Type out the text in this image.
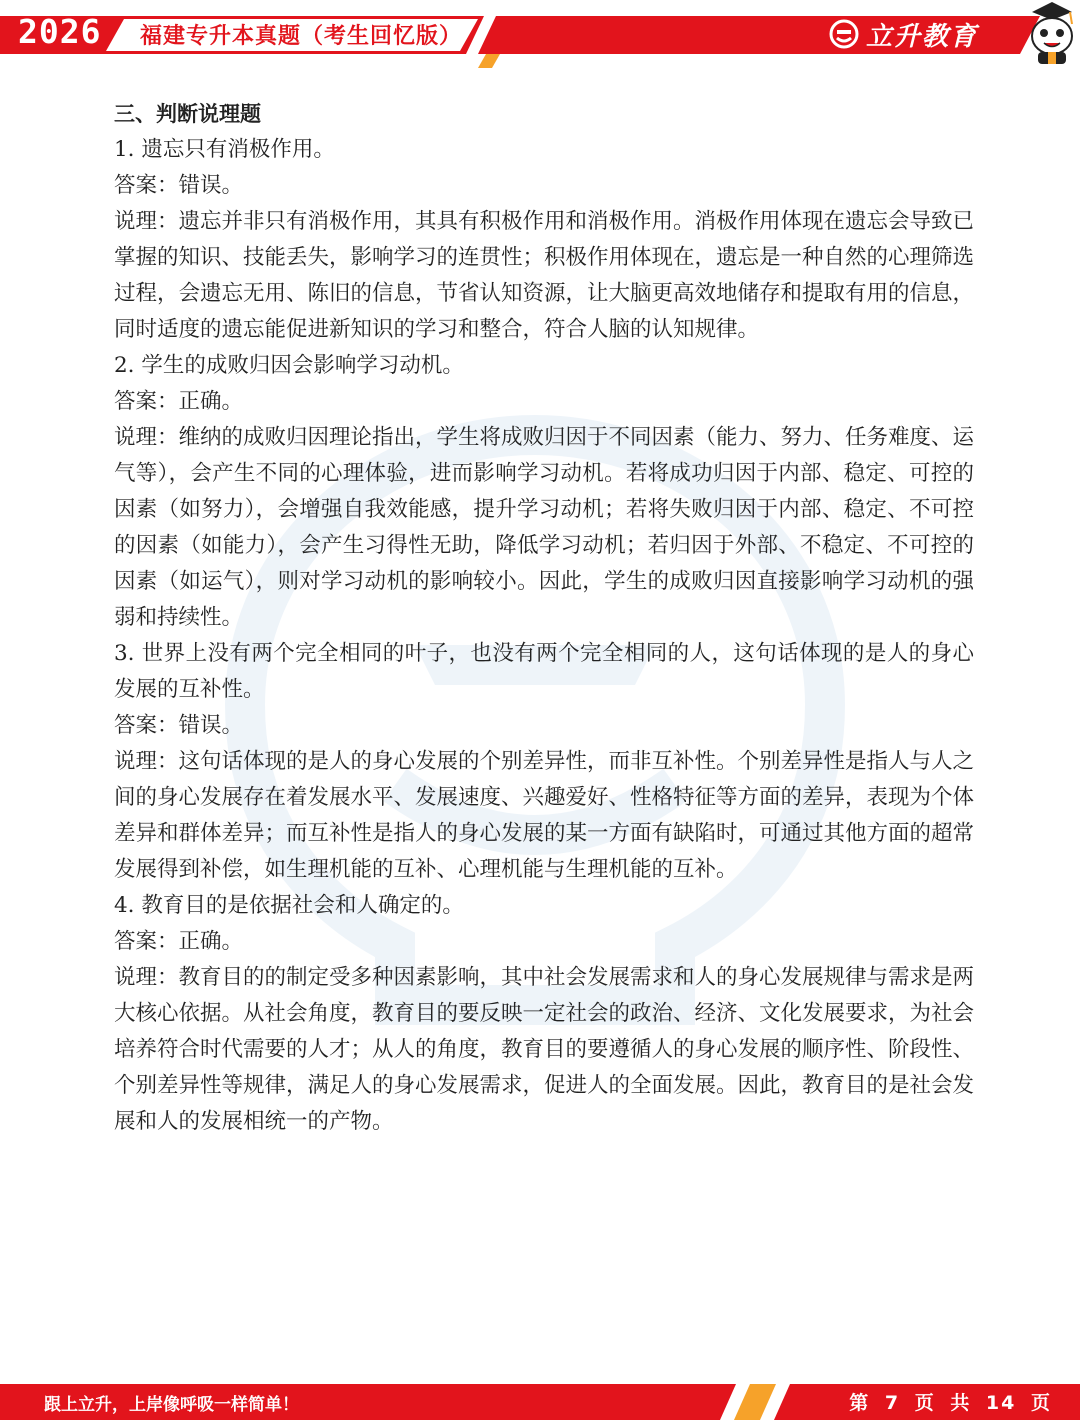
2026 福建专升本真题（考生回忆版）	立升教育

三、判断说理题

1. 遗忘只有消极作用。

答案：错误。

说理：遗忘并非只有消极作用，其具有积极作用和消极作用。消极作用体现在遗忘会导致已掌握的知识、技能丢失，影响学习的连贯性；积极作用体现在，遗忘是一种自然的心理筛选过程，会遗忘无用、陈旧的信息，节省认知资源，让大脑更高效地储存和提取有用的信息，同时适度的遗忘能促进新知识的学习和整合，符合人脑的认知规律。

2. 学生的成败归因会影响学习动机。

答案：正确。

说理：维纳的成败归因理论指出，学生将成败归因于不同因素（能力、努力、任务难度、运气等），会产生不同的心理体验，进而影响学习动机。若将成功归因于内部、稳定、可控的因素（如努力），会增强自我效能感，提升学习动机；若将失败归因于内部、稳定、不可控的因素（如能力），会产生习得性无助，降低学习动机；若归因于外部、不稳定、不可控的因素（如运气），则对学习动机的影响较小。因此，学生的成败归因直接影响学习动机的强弱和持续性。

3. 世界上没有两个完全相同的叶子，也没有两个完全相同的人，这句话体现的是人的身心发展的互补性。

答案：错误。

说理：这句话体现的是人的身心发展的个别差异性，而非互补性。个别差异性是指人与人之间的身心发展存在着发展水平、发展速度、兴趣爱好、性格特征等方面的差异，表现为个体差异和群体差异；而互补性是指人的身心发展的某一方面有缺陷时，可通过其他方面的超常发展得到补偿，如生理机能的互补、心理机能与生理机能的互补。

4. 教育目的是依据社会和人确定的。

答案：正确。

说理：教育目的的制定受多种因素影响，其中社会发展需求和人的身心发展规律与需求是两大核心依据。从社会角度，教育目的要反映一定社会的政治、经济、文化发展要求，为社会培养符合时代需要的人才；从人的角度，教育目的要遵循人的身心发展的顺序性、阶段性、个别差异性等规律，满足人的身心发展需求，促进人的全面发展。因此，教育目的是社会发展和人的发展相统一的产物。

跟上立升，上岸像呼吸一样简单！	第 7 页 共 14 页
